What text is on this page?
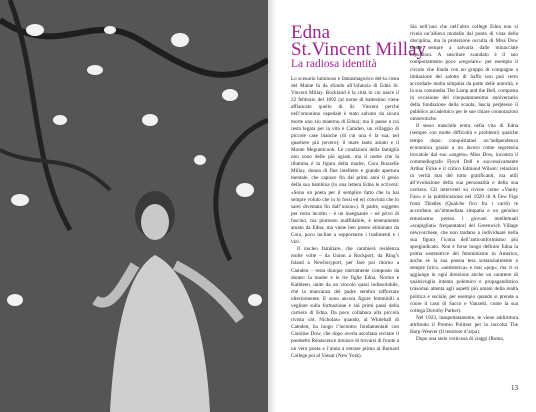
Edna
St.Vincent Millay

La radiosa identità

Lo scenario luminoso e fantasmagorico del-la costa del Maine fa da sfondo all’infanzia di Edna St. Vincent Millay. Rockland è la città in cui nasce il 22 febbraio del 1892 (al nome di battesimo viene affiancato quello di St. Vincent perché nell’omonimo ospedale è stato salvato da sicura morte uno zio materno di Edna); ma il paese a cui resta legata per la vita è Camden, un villaggio di piccole case bianche (di cui una è la sua, nel quartiere più povero), il mare tanto amato e il Monte Megunticook. Le condizioni della famiglia non sono delle più agiate, ma il nume che la illumina è la figura della madre, Cora Buzzelle Millay, donna di fine intelletto e grande apertura mentale, che capisce fin dal primi anni il genio della sua bambina (in una lettera Edna le scriverà: «Sono un poeta per il semplice fatto che tu hai sempre voluto che io lo fossi ed eri convinta che lo sarei diventata fin dall’inizio»). Il padre, soggetto per certo incolto – è un insegnante – né privo di fascino, ma piuttosto inaffidabile, è teneramente amato da Edna, ma viene ben presto eliminato da Cora, poco incline a sopportarne i tradimenti e i vizi.

Il nucleo familiare, che cambierà residenza molte volte – da Union a Rockport, da Ring’s Island a Newburyport, per fare poi ritorno a Camden – resta dunque interamente composto da donne: la madre e le tre figlie Edna, Norma e Kathleen, unite da un vincolo quasi indissolubile, che la mancanza del padre sembra rafforzare ulteriormente. E sono ancora figure femminili a vegliare sulla formazione e sui primi passi della carriera di Edna. Da poco collabora alla piccola rivista «St. Nicholas» quando, al Whitehall di Camden, ha luogo l’incontro fondamentale con Caroline Dow, che dopo averla ascoltata recitare il poemetto Renascence intuisce di trovarsi di fronte a un vero poeta e l’aiuta a entrare prima al Barnard College poi al Vassar (New York).

Sia nell’uno che nell’altro college Edna non si rivela un’allieva modello dal punto di vista della disciplina, ma la protezione occulta di Miss Dow riesce sempre a salvarla dalle minacciate espulsioni. A suscitare scandalo è il suo comportamento poco «regolare»: per esempio il circolo che fonda con un gruppo di compagne a imitazione del salotto di Saffo non può certo accordarle molta simpatia da parte delle autorità, e la sua commedia The Lamp and the Bell, composta in occasione del cinquantunesimo anniversario della fondazione della scuola, lascia perplesso il pubblico accademico per le sue chiare connotazioni omoerotiche.

Il sesso maschile entra nella vita di Edna (sempre con molte difficoltà e problemi) qualche tempo dopo: conquistatasi un’indipendenza economica grazie a un lavoro come segretaria trovatole dal suo «angelo» Miss Dow, incontra il commediografo Floyd Dell e successivamente Arthur Ficke e il critico Edmund Wilson: relazioni in verità mai del tutto gratificanti, ma utili all’evoluzione della sua personalità e della sua carriera. Gli interventi su riviste come «Vanity Fair» e la pubblicazione nel 1920 di A Few Figs from Thistles (Qualche fico fra i cardi) le accordano un’immediata simpatia e un genuino entusiasmo presso i giovani intellettuali «scapigliati» frequentatori del Greenwich Village newyorchese, che non tardano a individuare nella sua figura l’icona dell’anticonformismo più spregiudicato. Non è forse luogo definire Edna la prima sostenitrice del femminismo in America, anche se la sua poesia tesa sostanzialmente e sempre lirica, «antistorica» e mai «pop», ma vi si aggiunge in ogni direzione anche un carattere di qualsivoglia intento polemico e propagandistico (casomai attenta agli aspetti più umani della realtà politica e sociale, per esempio quando si prende a cuore il caso di Sacco e Vanzetti, come la sua collega Dorothy Parker).

Nel 1923, inaspettatamente, le viene addirittura attribuito il Premio Pulitzer per la raccolta The Harp-Weaver (Il tessitore d’arpa).

Dopo una serie vorticosa di viaggi (Roma,

13
